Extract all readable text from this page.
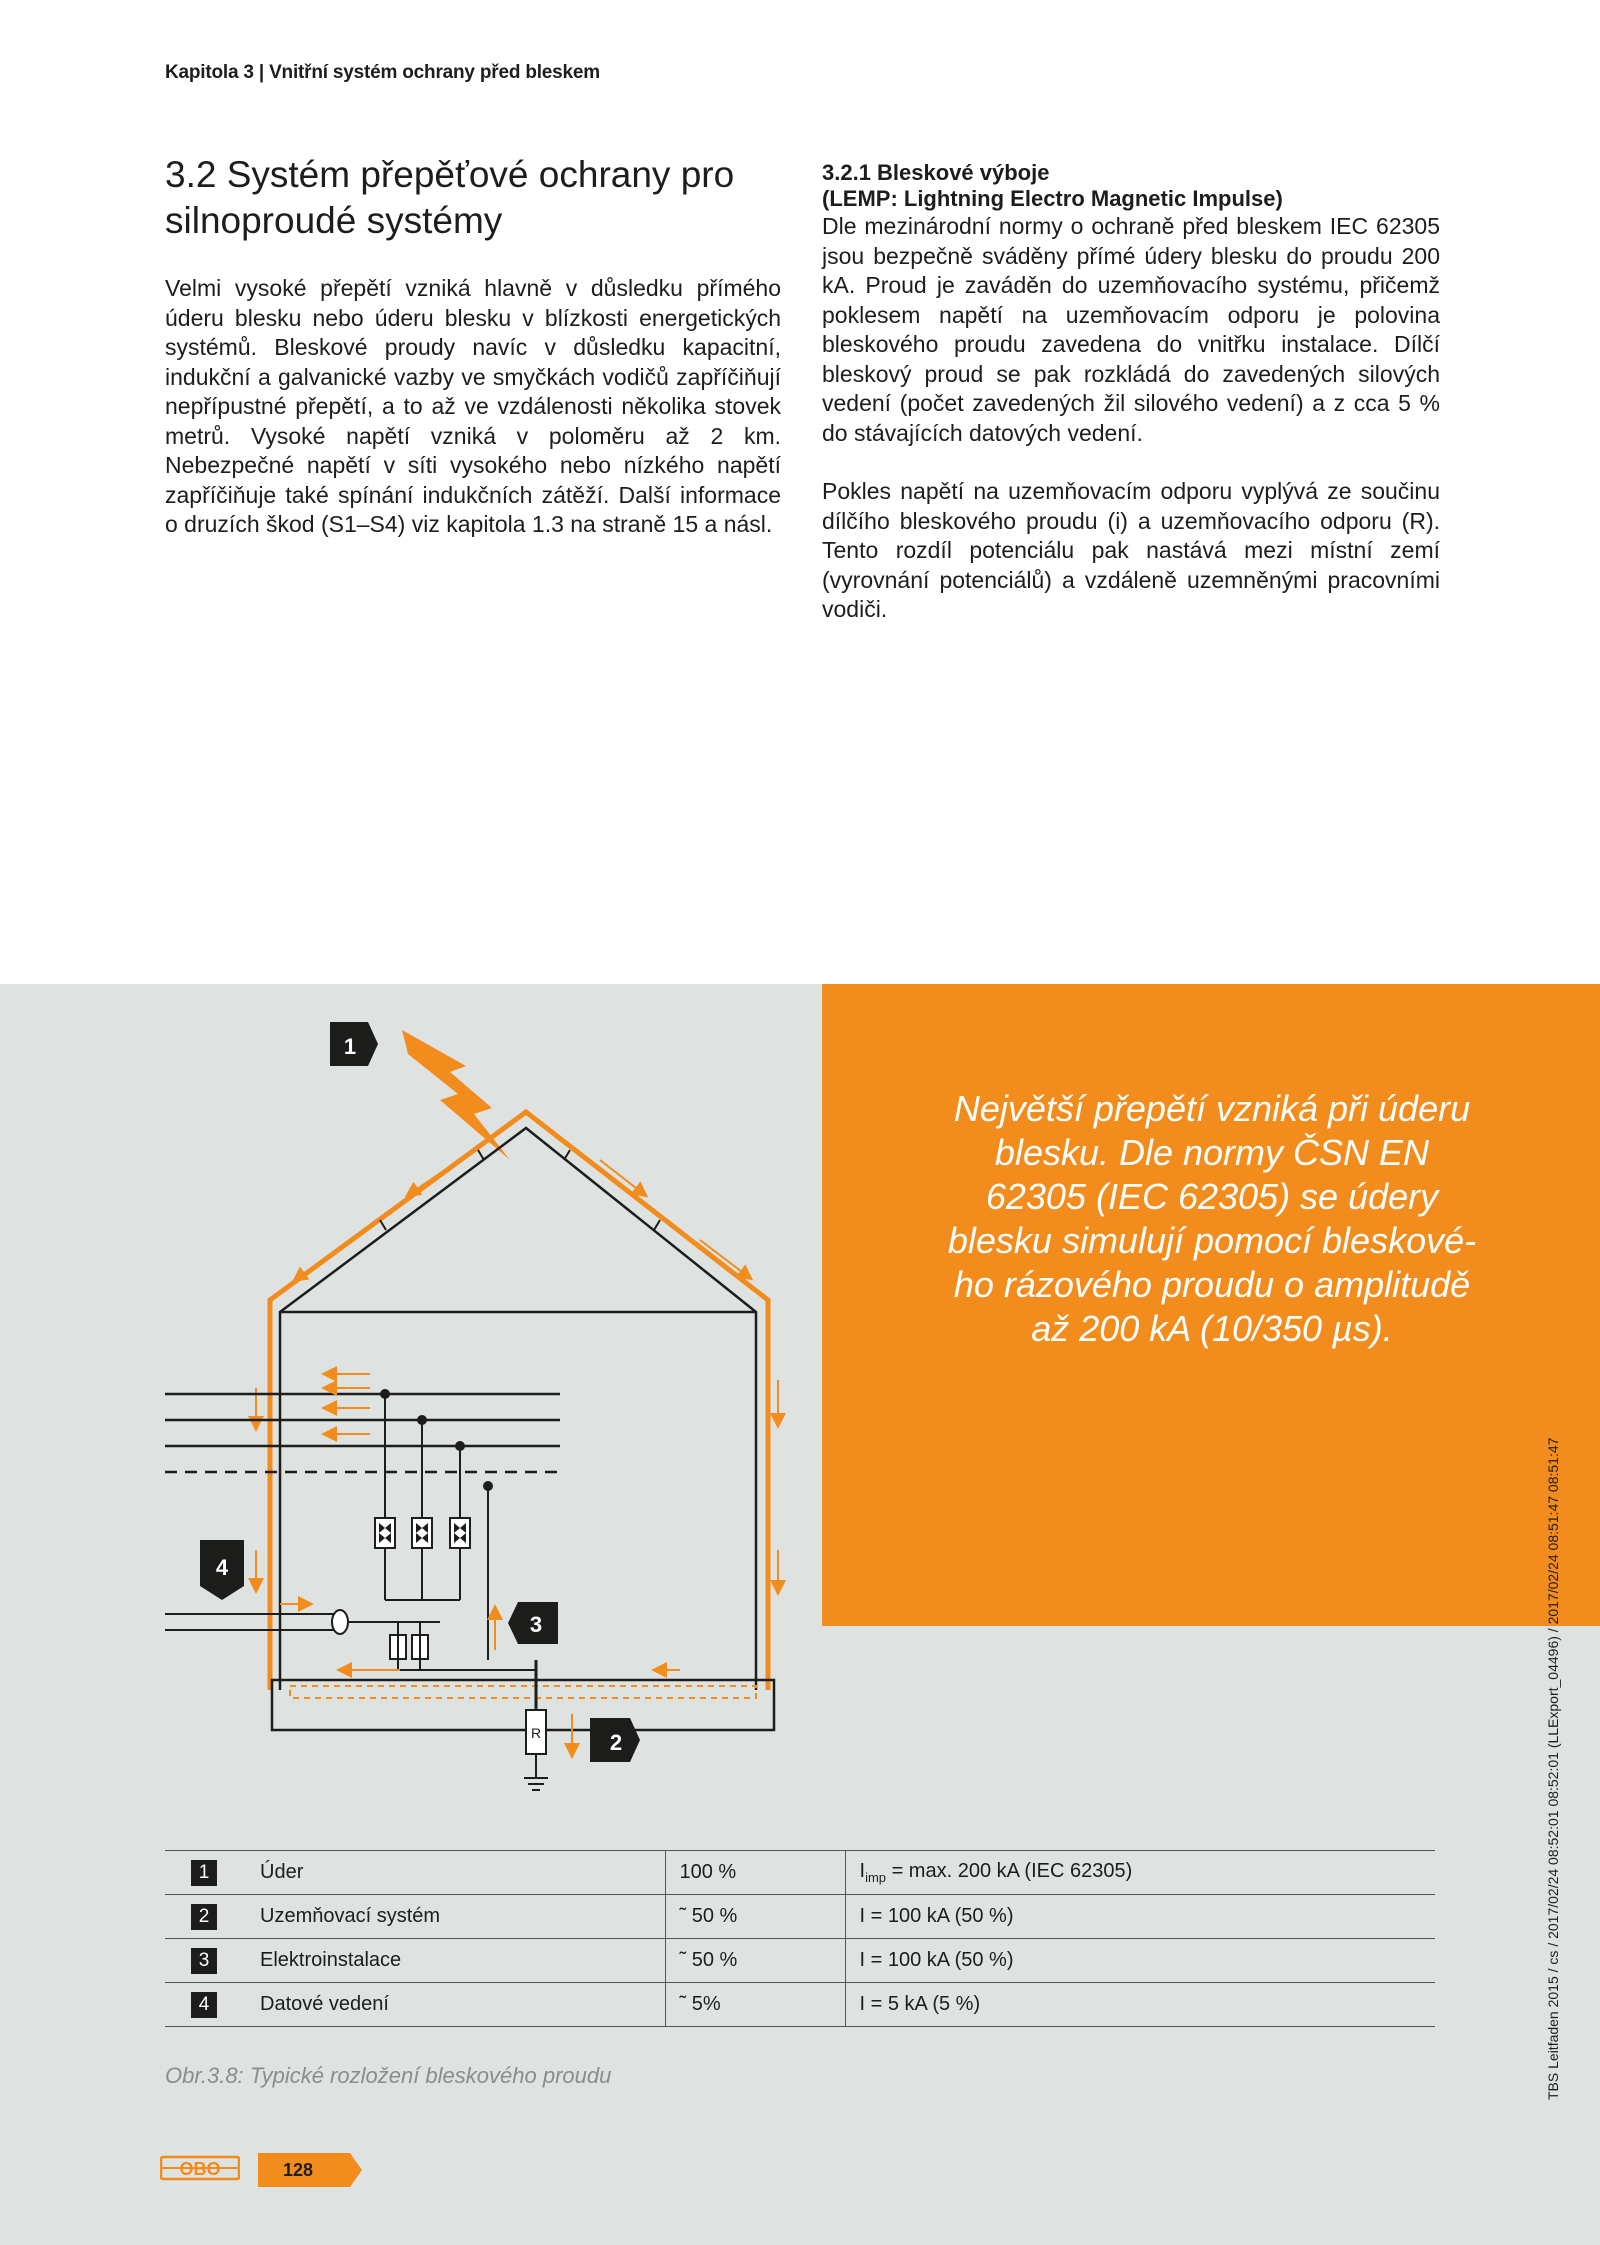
Kapitola 3 | Vnitřní systém ochrany před bleskem
3.2 Systém přepěťové ochrany pro silnoproudé systémy

Velmi vysoké přepětí vzniká hlavně v důsledku přímého úderu blesku nebo úderu blesku v blízkosti energetických systémů. Bleskové proudy navíc v důsledku kapacitní, indukční a galvanické vazby ve smyčkách vodičů zapříčiňují nepřípustné přepětí, a to až ve vzdálenosti několika stovek metrů. Vysoké napětí vzniká v poloměru až 2 km. Nebezpečné napětí v síti vysokého nebo nízkého napětí zapříčiňuje také spínání indukčních zátěží. Další informace o druzích škod (S1–S4) viz kapitola 1.3 na straně 15 a násl.

3.2.1 Bleskové výboje
(LEMP: Lightning Electro Magnetic Impulse)

Dle mezinárodní normy o ochraně před bleskem IEC 62305 jsou bezpečně sváděny přímé údery blesku do proudu 200 kA. Proud je zaváděn do uzemňovacího systému, přičemž poklesem napětí na uzemňovacím odporu je polovina bleskového proudu zavedena do vnitřku instalace. Dílčí bleskový proud se pak rozkládá do zavedených silových vedení (počet zavedených žil silového vedení) a z cca 5 % do stávajících datových vedení.

Pokles napětí na uzemňovacím odporu vyplývá ze součinu dílčího bleskového proudu (i) a uzemňovacího odporu (R). Tento rozdíl potenciálu pak nastává mezi místní zemí (vyrovnání potenciálů) a vzdáleně uzemněnými pracovními vodiči.

Největší přepětí vzniká při úderu
blesku. Dle normy ČSN EN
62305 (IEC 62305) se údery
blesku simulují pomocí bleskové-
ho rázového proudu o amplitudě
až 200 kA (10/350 µs).
TBS Leitfaden 2015 / cs / 2017/02/24 08:52:01 08:52:01 (LLExport_04496) / 2017/02/24 08:51:47 08:51:47
1
4
3
R	2
1	Úder	100 %	$I_{imp} = \max$. 200 kA (IEC 62305)
2	Uzemňovací systém	˜ 50 %	I = 100 kA (50 %)
3	Elektroinstalace	˜ 50 %	I = 100 kA (50 %)
4	Datové vedení	˜ 5%	I = 5 kA (5 %)
Obr.3.8: Typické rozložení bleskového proudu
OBO	128
